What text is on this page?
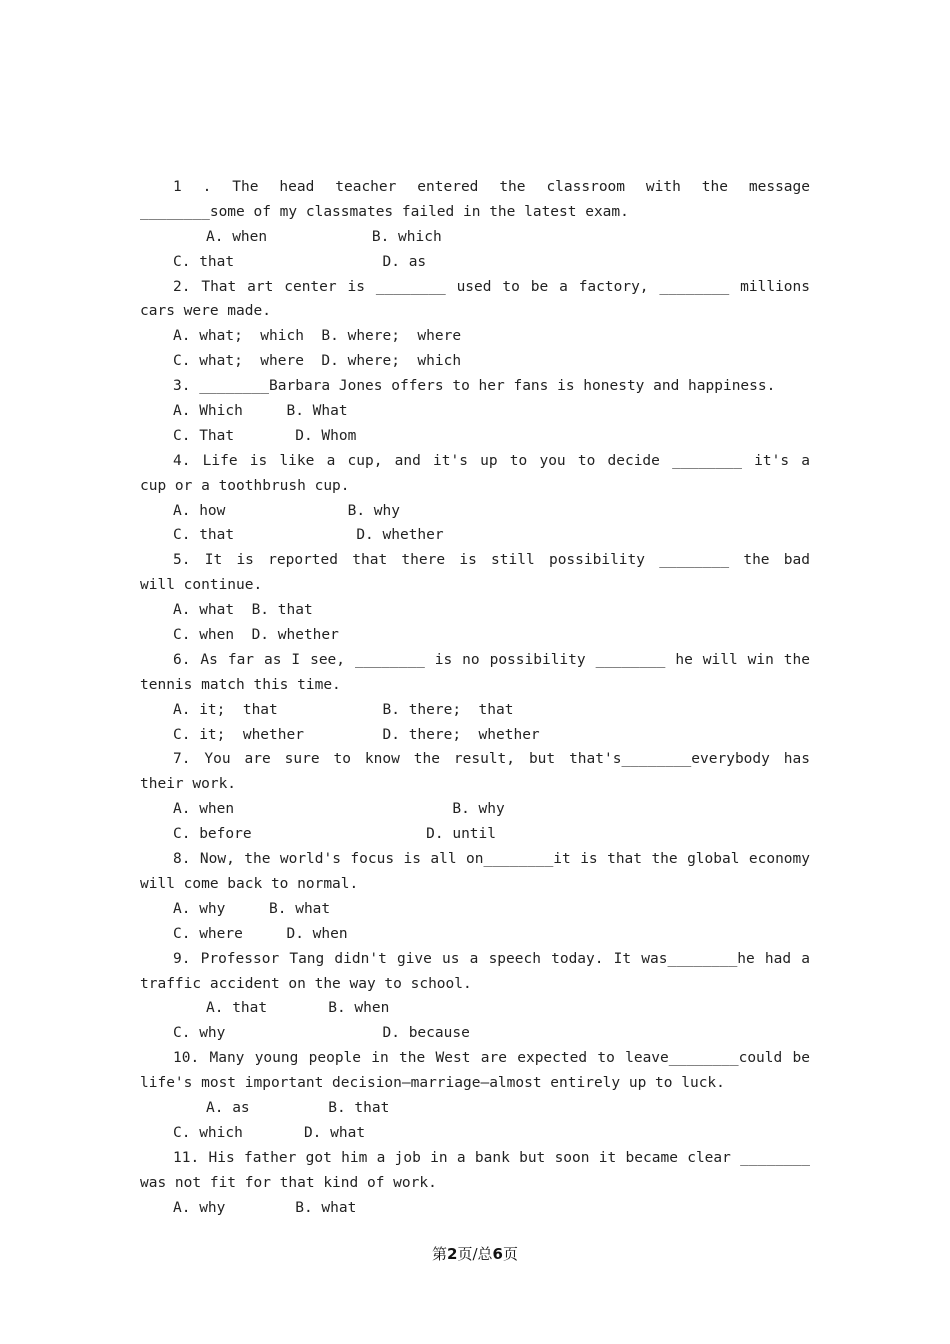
1 . The head teacher entered the classroom with the message
________some of my classmates failed in the latest exam.
A. when            B. which
C. that                 D. as
2. That art center is ________ used to be a factory, ________ millions
cars were made.
A. what;  which  B. where;  where
C. what;  where  D. where;  which
3. ________Barbara Jones offers to her fans is honesty and happiness.
A. Which     B. What
C. That       D. Whom
4. Life is like a cup, and it's up to you to decide ________ it's a
cup or a toothbrush cup.
A. how              B. why
C. that              D. whether
5. It is reported that there is still possibility ________ the bad
will continue.
A. what  B. that
C. when  D. whether
6. As far as I see, ________ is no possibility ________ he will win the
tennis match this time.
A. it;  that            B. there;  that
C. it;  whether         D. there;  whether
7. You are sure to know the result, but that's________everybody has
their work.
A. when                         B. why
C. before                    D. until
8. Now, the world's focus is all on________it is that the global economy
will come back to normal.
A. why     B. what
C. where     D. when
9. Professor Tang didn't give us a speech today. It was________he had a
traffic accident on the way to school.
A. that       B. when
C. why                  D. because
10. Many young people in the West are expected to leave________could be
life's most important decision—marriage—almost entirely up to luck.
A. as         B. that
C. which       D. what
11. His father got him a job in a bank but soon it became clear ________
was not fit for that kind of work.
A. why        B. what
第2页/总6页
